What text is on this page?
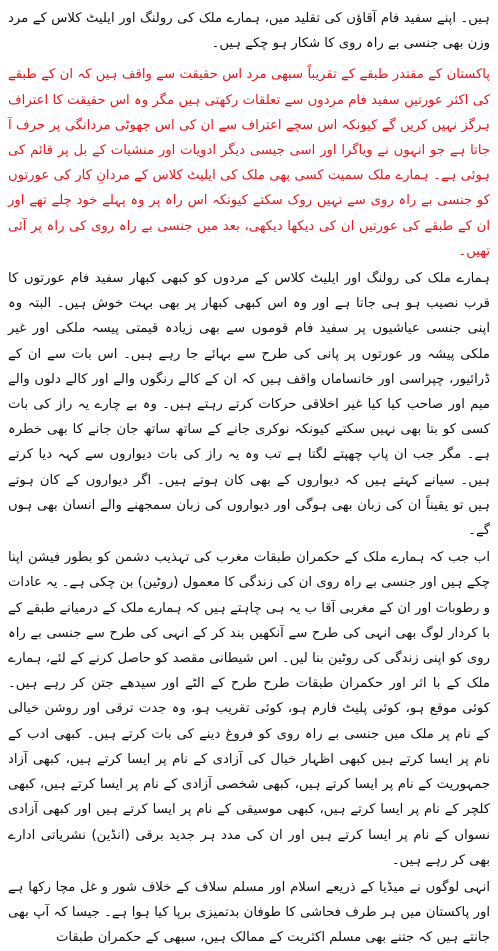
ہیں۔ اپنے سفید فام آقاؤں کی تقلید میں، ہمارے ملک کی رولنگ اور ایلیٹ کلاس کے مرد وزن بھی جنسی بے راہ روی کا شکار ہو چکے ہیں۔

پاکستان کے مقتدر طبقے کے تقریباً سبھی مرد اس حقیقت سے واقف ہیں کہ ان کے طبقے کی اکثر عورتیں سفید فام مردوں سے تعلقات رکھتی ہیں مگر وہ اس حقیقت کا اعتراف ہرگز نہیں کریں گے کیونکہ اس سچے اعتراف سے ان کی اس جھوٹی مردانگی پر حرف آ جاتا ہے جو انہوں نے ویاگرا اور اسی جیسی دیگر ادویات اور منشیات کے بل پر قائم کی ہوئی ہے۔ ہمارے ملک سمیت کسی بھی ملک کی ایلیٹ کلاس کے مردانِ کار کی عورتوں کو جنسی بے راہ روی سے نہیں روک سکتے کیونکہ اس راہ پر وہ پہلے خود چلے تھے اور ان کے طبقے کی عورتیں ان کی دیکھا دیکھی، بعد میں جنسی بے راہ روی کی راہ پر آئی تھیں۔

ہمارے ملک کی رولنگ اور ایلیٹ کلاس کے مردوں کو کبھی کبھار سفید فام عورتوں کا قرب نصیب ہو ہی جاتا ہے اور وہ اس کبھی کبھار پر بھی بہت خوش ہیں۔ البتہ وہ اپنی جنسی عیاشیوں پر سفید فام قوموں سے بھی زیادہ قیمتی پیسہ ملکی اور غیر ملکی پیشہ ور عورتوں پر پانی کی طرح سے بہائے جا رہے ہیں۔ اس بات سے ان کے ڈرائیور، چپراسی اور خانساماں واقف ہیں کہ ان کے کالے رنگوں والے اور کالے دلوں والے میم اور صاحب کیا کیا غیر اخلاقی حرکات کرتے رہتے ہیں۔ وہ بے چارے یہ راز کی بات کسی کو بتا بھی نہیں سکتے کیونکہ نوکری جانے کے ساتھ ساتھ جان جانے کا بھی خطرہ ہے۔ مگر جب ان پاپ چھپتے لگتا ہے تب وہ یہ راز کی بات دیواروں سے کہہ دیا کرتے ہیں۔ سیانے کہتے ہیں کہ دیواروں کے بھی کان ہوتے ہیں۔ اگر دیواروں کے کان ہوتے ہیں تو یقیناً ان کی زبان بھی ہوگی اور دیواروں کی زبان سمجھنے والے انسان بھی ہوں گے۔

اب جب کہ ہمارے ملک کے حکمران طبقات مغرب کی تہذیب دشمن کو بطور فیشن اپنا چکے ہیں اور جنسی بے راہ روی ان کی زندگی کا معمول (روٹین) بن چکی ہے۔ یہ عادات و رطوبات اور ان کے مغربی آقا ب یہ ہی چاہتے ہیں کہ ہمارے ملک کے درمیانے طبقے کے با کردار لوگ بھی انہی کی طرح سے آنکھیں بند کر کے انہی کی طرح سے جنسی بے راہ روی کو اپنی زندگی کی روٹین بنا لیں۔ اس شیطانی مقصد کو حاصل کرنے کے لئے، ہمارے ملک کے با اثر اور حکمران طبقات طرح طرح کے الٹے اور سیدھے جتن کر رہے ہیں۔ کوئی موقع ہو، کوئی پلیٹ فارم ہو، کوئی تقریب ہو، وہ جدت ترقی اور روشن خیالی کے نام پر ملک میں جنسی بے راہ روی کو فروغ دینے کی بات کرتے ہیں۔ کبھی ادب کے نام پر ایسا کرتے ہیں کبھی اظہار خیال کی آزادی کے نام پر ایسا کرتے ہیں، کبھی آزاد جمہوریت کے نام پر ایسا کرتے ہیں، کبھی شخصی آزادی کے نام پر ایسا کرتے ہیں، کبھی کلچر کے نام پر ایسا کرتے ہیں، کبھی موسیقی کے نام پر ایسا کرتے ہیں اور کبھی آزادی نسواں کے نام پر ایسا کرتے ہیں اور ان کی مدد ہر جدید برقی (انڈین) نشریاتی ادارے بھی کر رہے ہیں۔

انہی لوگوں نے میڈیا کے ذریعے اسلام اور مسلم سلاف کے خلاف شور و غل مچا رکھا ہے اور پاکستان میں ہر طرف فحاشی کا طوفان بدتمیزی برپا کیا ہوا ہے۔ جیسا کہ آپ بھی جانتے ہیں کہ جتنے بھی مسلم اکثریت کے ممالک ہیں، سبھی کے حکمران طبقات
